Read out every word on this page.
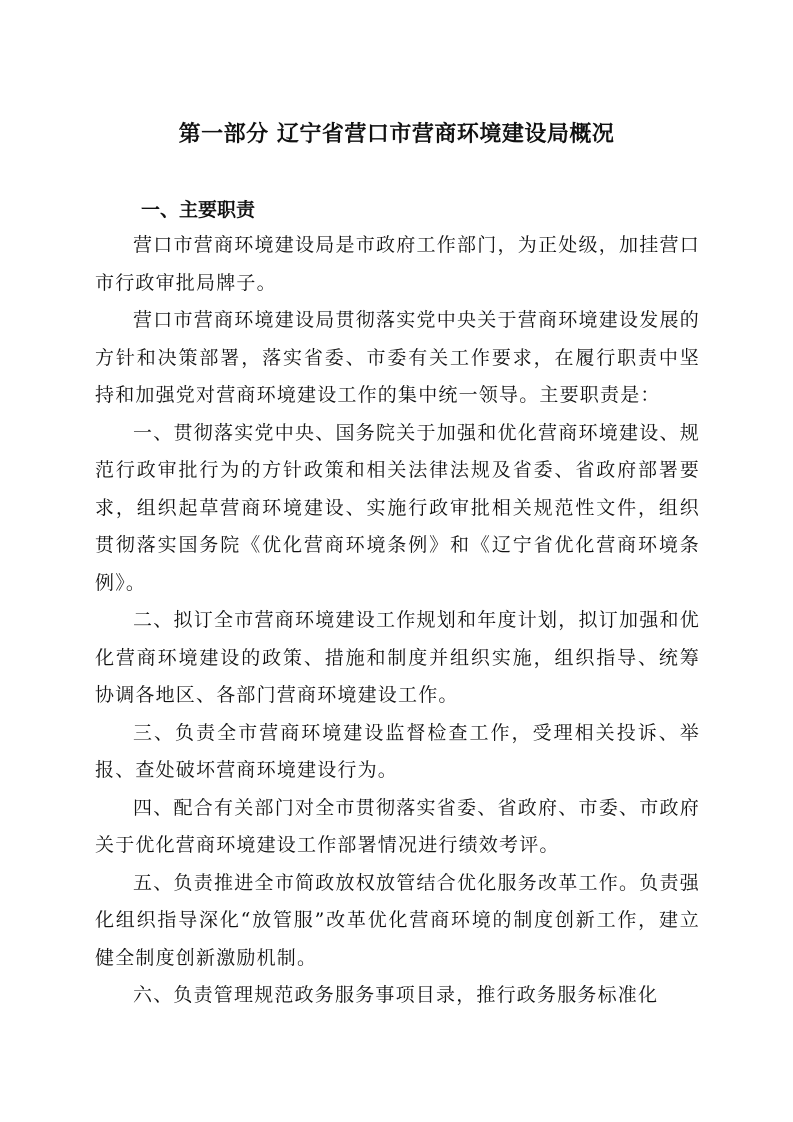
第一部分 辽宁省营口市营商环境建设局概况
一、主要职责

营口市营商环境建设局是市政府工作部门，为正处级，加挂营口市行政审批局牌子。

营口市营商环境建设局贯彻落实党中央关于营商环境建设发展的方针和决策部署，落实省委、市委有关工作要求，在履行职责中坚持和加强党对营商环境建设工作的集中统一领导。主要职责是：

一、贯彻落实党中央、国务院关于加强和优化营商环境建设、规范行政审批行为的方针政策和相关法律法规及省委、省政府部署要求，组织起草营商环境建设、实施行政审批相关规范性文件，组织贯彻落实国务院《优化营商环境条例》和《辽宁省优化营商环境条例》。

二、拟订全市营商环境建设工作规划和年度计划，拟订加强和优化营商环境建设的政策、措施和制度并组织实施，组织指导、统筹协调各地区、各部门营商环境建设工作。

三、负责全市营商环境建设监督检查工作，受理相关投诉、举报、查处破坏营商环境建设行为。

四、配合有关部门对全市贯彻落实省委、省政府、市委、市政府关于优化营商环境建设工作部署情况进行绩效考评。

五、负责推进全市简政放权放管结合优化服务改革工作。负责强化组织指导深化“放管服”改革优化营商环境的制度创新工作，建立健全制度创新激励机制。

六、负责管理规范政务服务事项目录，推行政务服务标准化
